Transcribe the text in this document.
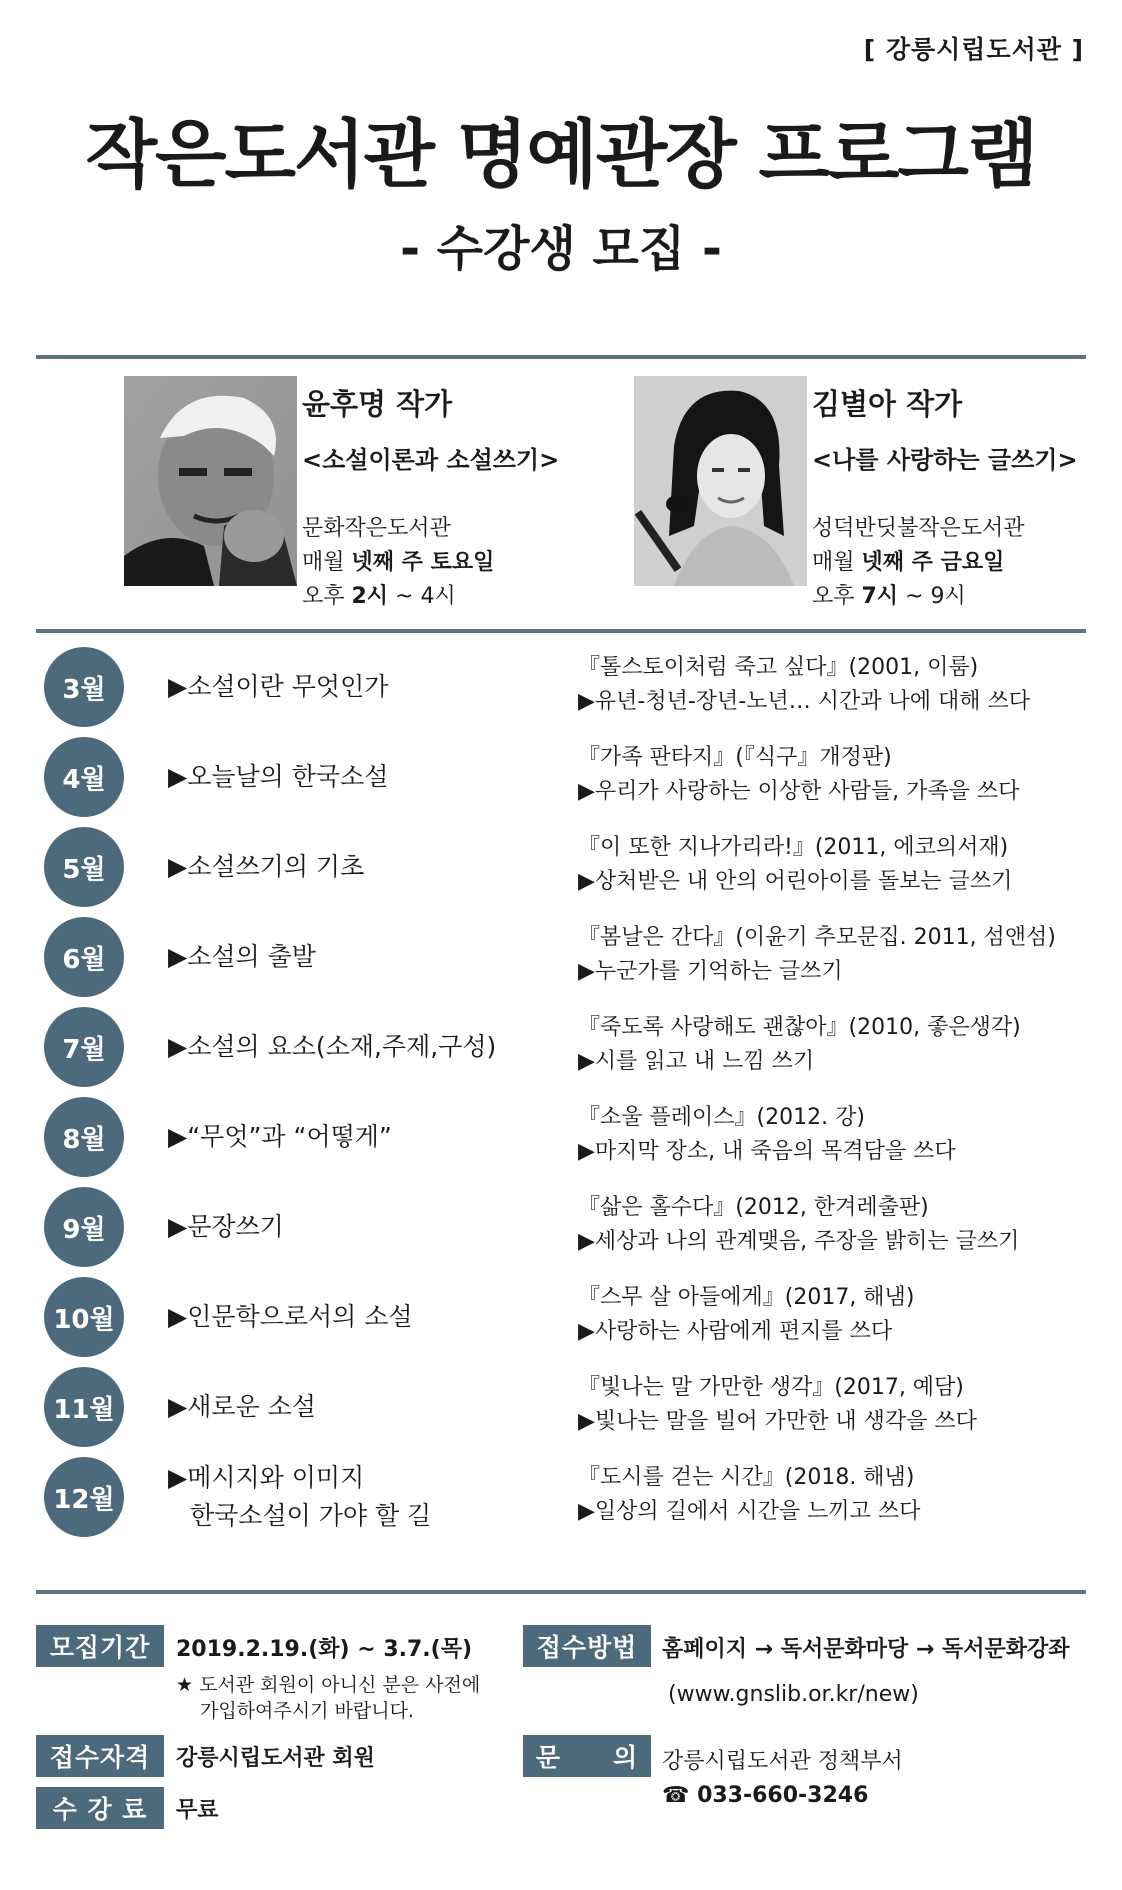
[ 강릉시립도서관 ]
작은도서관 명예관장 프로그램
- 수강생 모집 -
윤후명 작가
<소설이론과 소설쓰기>
문화작은도서관
매월 넷째 주 토요일
오후 2시 ~ 4시
김별아 작가
<나를 사랑하는 글쓰기>
성덕반딧불작은도서관
매월 넷째 주 금요일
오후 7시 ~ 9시
3월	▶소설이란 무엇인가
『톨스토이처럼 죽고 싶다』(2001, 이룸)
▶유년-청년-장년-노년… 시간과 나에 대해 쓰다
4월	▶오늘날의 한국소설
『가족 판타지』(『식구』개정판)
▶우리가 사랑하는 이상한 사람들, 가족을 쓰다
5월	▶소설쓰기의 기초
『이 또한 지나가리라!』(2011, 에코의서재)
▶상처받은 내 안의 어린아이를 돌보는 글쓰기
6월	▶소설의 출발
『봄날은 간다』(이윤기 추모문집. 2011, 섬앤섬)
▶누군가를 기억하는 글쓰기
7월	▶소설의 요소(소재,주제,구성)
『죽도록 사랑해도 괜찮아』(2010, 좋은생각)
▶시를 읽고 내 느낌 쓰기
8월	▶“무엇”과 “어떻게”
『소울 플레이스』(2012. 강)
▶마지막 장소, 내 죽음의 목격담을 쓰다
9월	▶문장쓰기
『삶은 홀수다』(2012, 한겨레출판)
▶세상과 나의 관계맺음, 주장을 밝히는 글쓰기
10월	▶인문학으로서의 소설
『스무 살 아들에게』(2017, 해냄)
▶사랑하는 사람에게 편지를 쓰다
11월	▶새로운 소설
『빛나는 말 가만한 생각』(2017, 예담)
▶빛나는 말을 빌어 가만한 내 생각을 쓰다
12월
▶메시지와 이미지
한국소설이 가야 할 길
『도시를 걷는 시간』(2018. 해냄)
▶일상의 길에서 시간을 느끼고 쓰다
모집기간	2019.2.19.(화) ~ 3.7.(목)
★ 도서관 회원이 아니신 분은 사전에
가입하여주시기 바랍니다.
접수자격	강릉시립도서관 회원
수 강 료	무료
접수방법	홈페이지 → 독서문화마당 → 독서문화강좌
(www.gnslib.or.kr/new)
문　　의	강릉시립도서관 정책부서
☎ 033-660-3246
